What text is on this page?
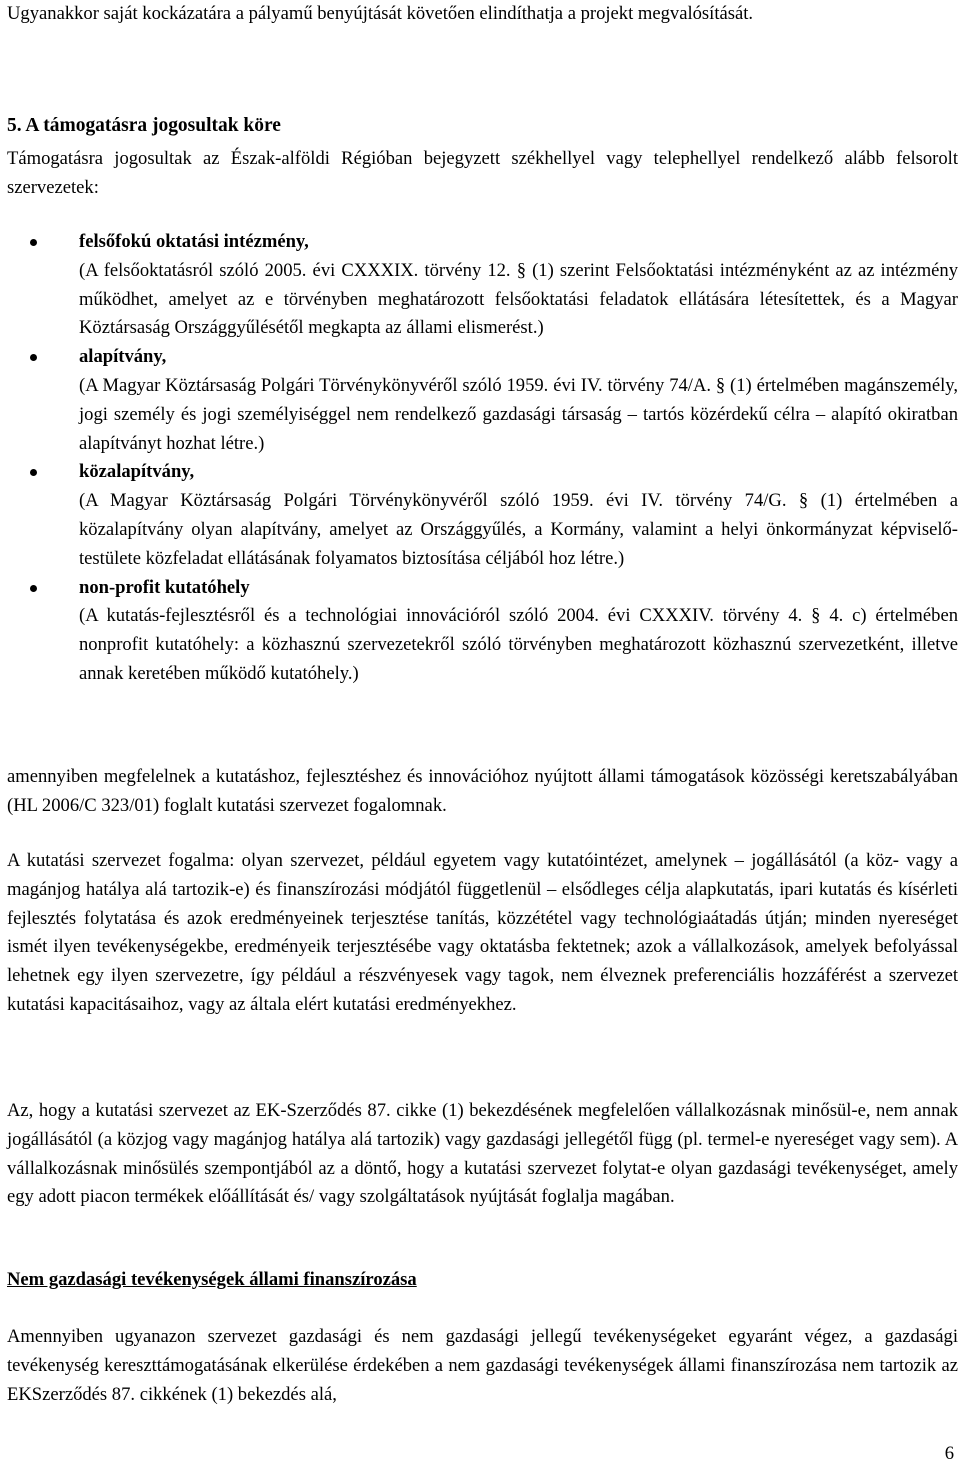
Ugyanakkor saját kockázatára a pályamű benyújtását követően elindíthatja a projekt megvalósítását.

5. A támogatásra jogosultak köre

Támogatásra jogosultak az Észak-alföldi Régióban bejegyzett székhellyel vagy telephellyel rendelkező alább felsorolt szervezetek:

felsőfokú oktatási intézmény,
(A felsőoktatásról szóló 2005. évi CXXXIX. törvény 12. § (1) szerint Felsőoktatási intézményként az az intézmény működhet, amelyet az e törvényben meghatározott felsőoktatási feladatok ellátására létesítettek, és a Magyar Köztársaság Országgyűlésétől megkapta az állami elismerést.)
alapítvány,
(A Magyar Köztársaság Polgári Törvénykönyvéről szóló 1959. évi IV. törvény 74/A. § (1) értelmében magánszemély, jogi személy és jogi személyiséggel nem rendelkező gazdasági társaság – tartós közérdekű célra – alapító okiratban alapítványt hozhat létre.)
közalapítvány,
(A Magyar Köztársaság Polgári Törvénykönyvéről szóló 1959. évi IV. törvény 74/G. § (1) értelmében a közalapítvány olyan alapítvány, amelyet az Országgyűlés, a Kormány, valamint a helyi önkormányzat képviselő-testülete közfeladat ellátásának folyamatos biztosítása céljából hoz létre.)
non-profit kutatóhely
(A kutatás-fejlesztésről és a technológiai innovációról szóló 2004. évi CXXXIV. törvény 4. § 4. c) értelmében nonprofit kutatóhely: a közhasznú szervezetekről szóló törvényben meghatározott közhasznú szervezetként, illetve annak keretében működő kutatóhely.)

amennyiben megfelelnek a kutatáshoz, fejlesztéshez és innovációhoz nyújtott állami támogatások közösségi keretszabályában (HL 2006/C 323/01) foglalt kutatási szervezet fogalomnak.

A kutatási szervezet fogalma: olyan szervezet, például egyetem vagy kutatóintézet, amelynek – jogállásától (a köz- vagy a magánjog hatálya alá tartozik-e) és finanszírozási módjától függetlenül – elsődleges célja alapkutatás, ipari kutatás és kísérleti fejlesztés folytatása és azok eredményeinek terjesztése tanítás, közzététel vagy technológiaátadás útján; minden nyereséget ismét ilyen tevékenységekbe, eredményeik terjesztésébe vagy oktatásba fektetnek; azok a vállalkozások, amelyek befolyással lehetnek egy ilyen szervezetre, így például a részvényesek vagy tagok, nem élveznek preferenciális hozzáférést a szervezet kutatási kapacitásaihoz, vagy az általa elért kutatási eredményekhez.

Az, hogy a kutatási szervezet az EK-Szerződés 87. cikke (1) bekezdésének megfelelően vállalkozásnak minősül-e, nem annak jogállásától (a közjog vagy magánjog hatálya alá tartozik) vagy gazdasági jellegétől függ (pl. termel-e nyereséget vagy sem). A vállalkozásnak minősülés szempontjából az a döntő, hogy a kutatási szervezet folytat-e olyan gazdasági tevékenységet, amely egy adott piacon termékek előállítását és/ vagy szolgáltatások nyújtását foglalja magában.

Nem gazdasági tevékenységek állami finanszírozása

Amennyiben ugyanazon szervezet gazdasági és nem gazdasági jellegű tevékenységeket egyaránt végez, a gazdasági tevékenység kereszttámogatásának elkerülése érdekében a nem gazdasági tevékenységek állami finanszírozása nem tartozik az EKSzerződés 87. cikkének (1) bekezdés alá,

6
